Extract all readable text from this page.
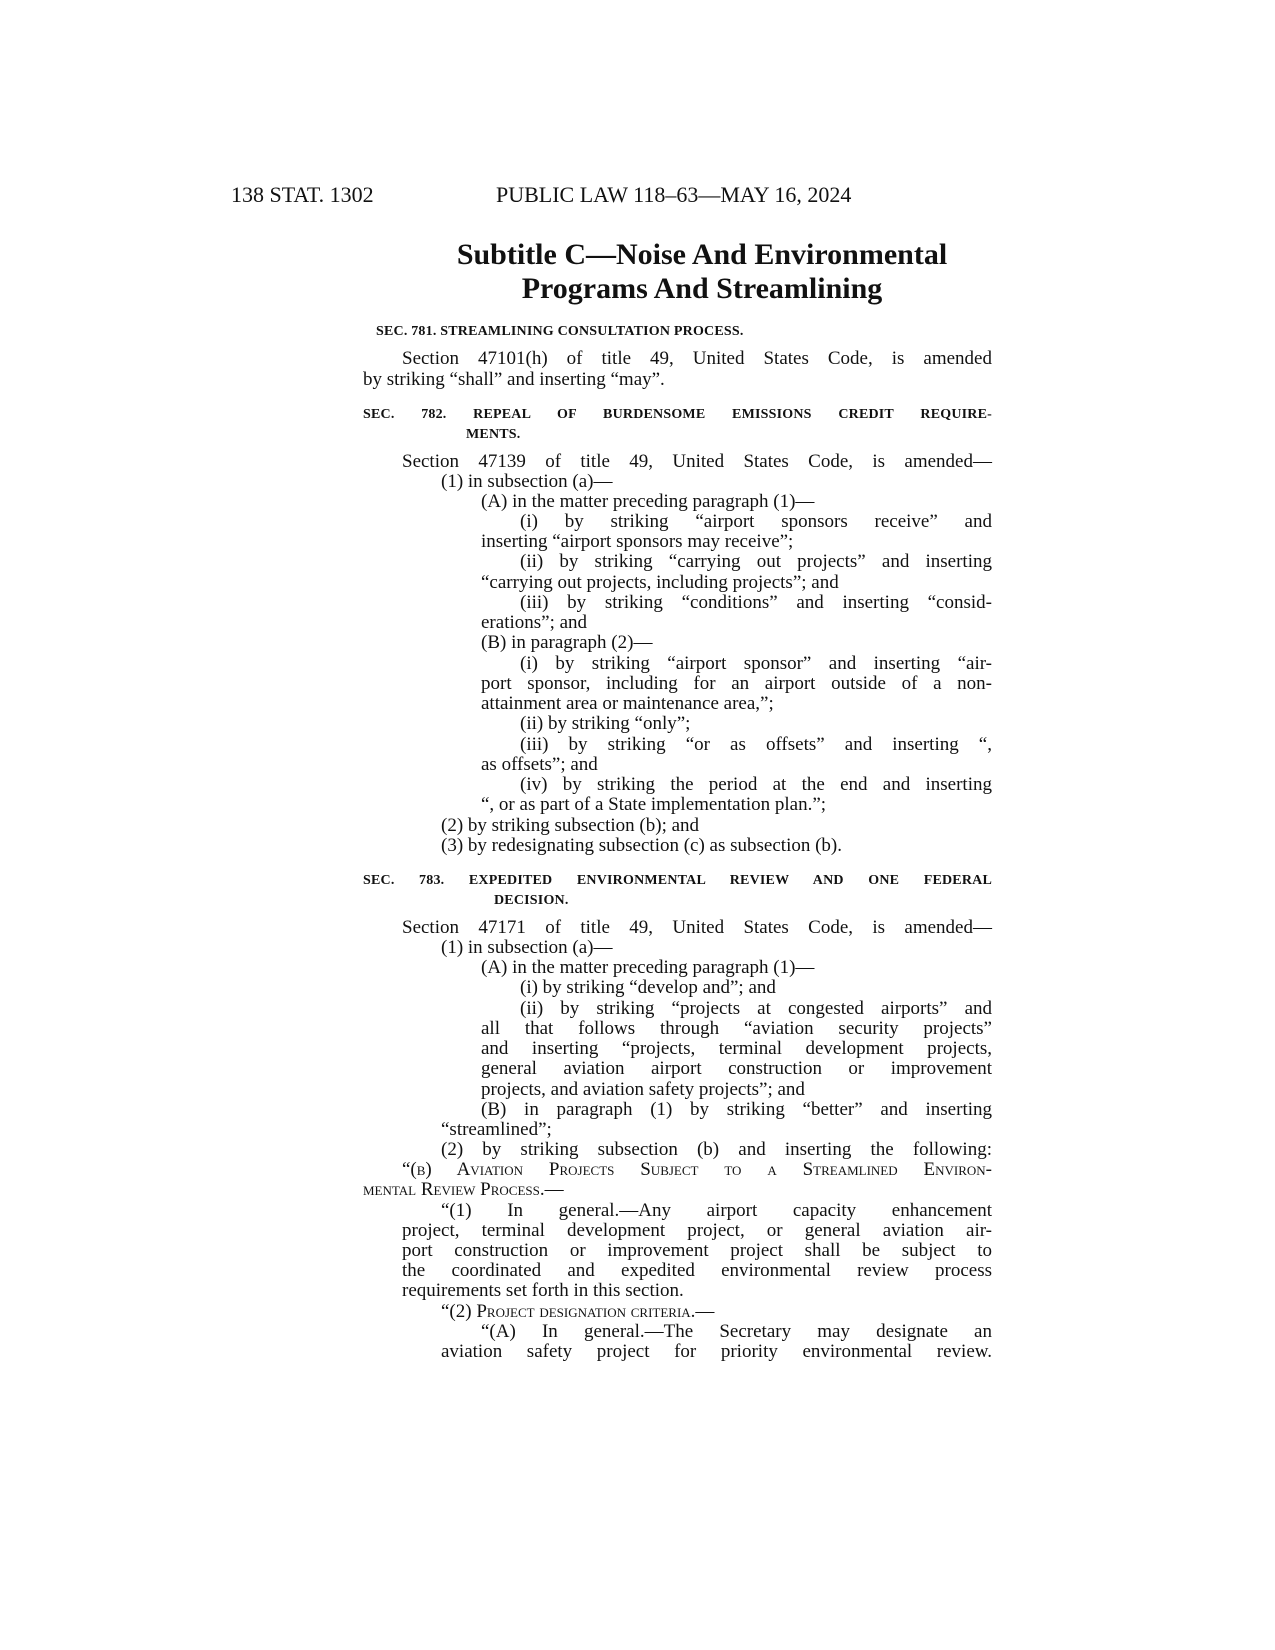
138 STAT. 1302	PUBLIC LAW 118–63—MAY 16, 2024
Subtitle C—Noise And Environmental
Programs And Streamlining
SEC. 781. STREAMLINING CONSULTATION PROCESS.
Section 47101(h) of title 49, United States Code, is amended
by striking “shall” and inserting “may”.
SEC. 782. REPEAL OF BURDENSOME EMISSIONS CREDIT REQUIRE-
MENTS.
Section 47139 of title 49, United States Code, is amended—
(1) in subsection (a)—
(A) in the matter preceding paragraph (1)—
(i) by striking “airport sponsors receive” and
inserting “airport sponsors may receive”;
(ii) by striking “carrying out projects” and inserting
“carrying out projects, including projects”; and
(iii) by striking “conditions” and inserting “consid-
erations”; and
(B) in paragraph (2)—
(i) by striking “airport sponsor” and inserting “air-
port sponsor, including for an airport outside of a non-
attainment area or maintenance area,”;
(ii) by striking “only”;
(iii) by striking “or as offsets” and inserting “,
as offsets”; and
(iv) by striking the period at the end and inserting
“, or as part of a State implementation plan.”;
(2) by striking subsection (b); and
(3) by redesignating subsection (c) as subsection (b).
SEC. 783. EXPEDITED ENVIRONMENTAL REVIEW AND ONE FEDERAL
DECISION.
Section 47171 of title 49, United States Code, is amended—
(1) in subsection (a)—
(A) in the matter preceding paragraph (1)—
(i) by striking “develop and”; and
(ii) by striking “projects at congested airports” and
all that follows through “aviation security projects”
and inserting “projects, terminal development projects,
general aviation airport construction or improvement
projects, and aviation safety projects”; and
(B) in paragraph (1) by striking “better” and inserting
“streamlined”;
(2) by striking subsection (b) and inserting the following:
“(b) Aviation Projects Subject to a Streamlined Environ-
mental Review Process.—
“(1) In general.—Any airport capacity enhancement
project, terminal development project, or general aviation air-
port construction or improvement project shall be subject to
the coordinated and expedited environmental review process
requirements set forth in this section.
“(2) Project designation criteria.—
“(A) In general.—The Secretary may designate an
aviation safety project for priority environmental review.
